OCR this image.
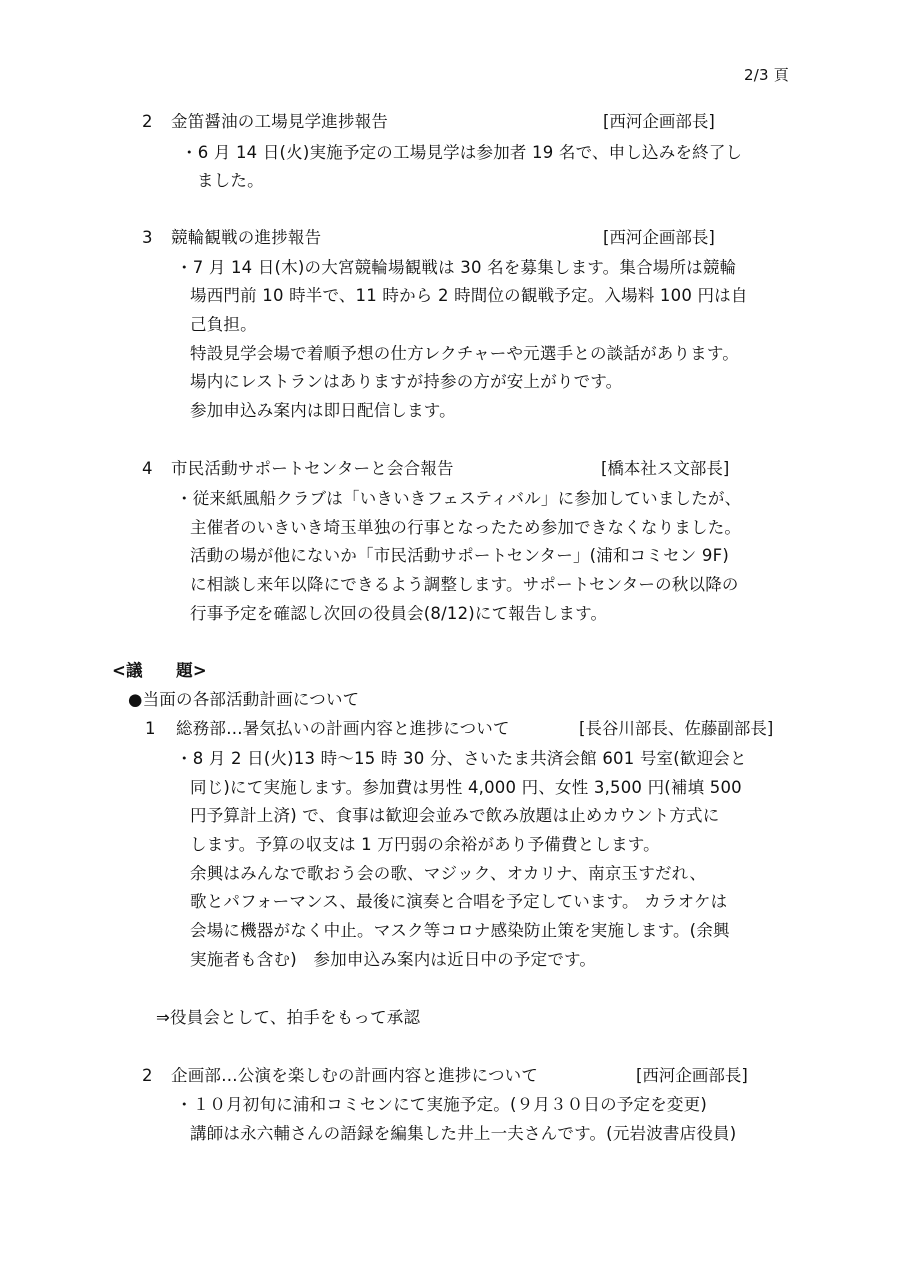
2/3 頁
2 金笛醤油の工場見学進捗報告	[西河企画部長]
・6 月 14 日(火)実施予定の工場見学は参加者 19 名で、申し込みを終了し
ました。
3 競輪観戦の進捗報告	[西河企画部長]
・7 月 14 日(木)の大宮競輪場観戦は 30 名を募集します。集合場所は競輪
場西門前 10 時半で、11 時から 2 時間位の観戦予定。入場料 100 円は自
己負担。
特設見学会場で着順予想の仕方レクチャーや元選手との談話があります。
場内にレストランはありますが持参の方が安上がりです。
参加申込み案内は即日配信します。
4 市民活動サポートセンターと会合報告	[橋本社ス文部長]
・従来紙風船クラブは「いきいきフェスティバル」に参加していましたが、
主催者のいきいき埼玉単独の行事となったため参加できなくなりました。
活動の場が他にないか「市民活動サポートセンター」(浦和コミセン 9F)
に相談し来年以降にできるよう調整します。サポートセンターの秋以降の
行事予定を確認し次回の役員会(8/12)にて報告します。
<議　　題>
●当面の各部活動計画について
1 総務部…暑気払いの計画内容と進捗について	[長谷川部長、佐藤副部長]
・8 月 2 日(火)13 時～15 時 30 分、さいたま共済会館 601 号室(歓迎会と
同じ)にて実施します。参加費は男性 4,000 円、女性 3,500 円(補填 500
円予算計上済) で、食事は歓迎会並みで飲み放題は止めカウント方式に
します。予算の収支は 1 万円弱の余裕があり予備費とします。
余興はみんなで歌おう会の歌、マジック、オカリナ、南京玉すだれ、
歌とパフォーマンス、最後に演奏と合唱を予定しています。 カラオケは
会場に機器がなく中止。マスク等コロナ感染防止策を実施します。(余興
実施者も含む)　参加申込み案内は近日中の予定です。
⇒役員会として、拍手をもって承認
2 企画部…公演を楽しむの計画内容と進捗について	[西河企画部長]
・１０月初旬に浦和コミセンにて実施予定。(９月３０日の予定を変更)
講師は永六輔さんの語録を編集した井上一夫さんです。(元岩波書店役員)
